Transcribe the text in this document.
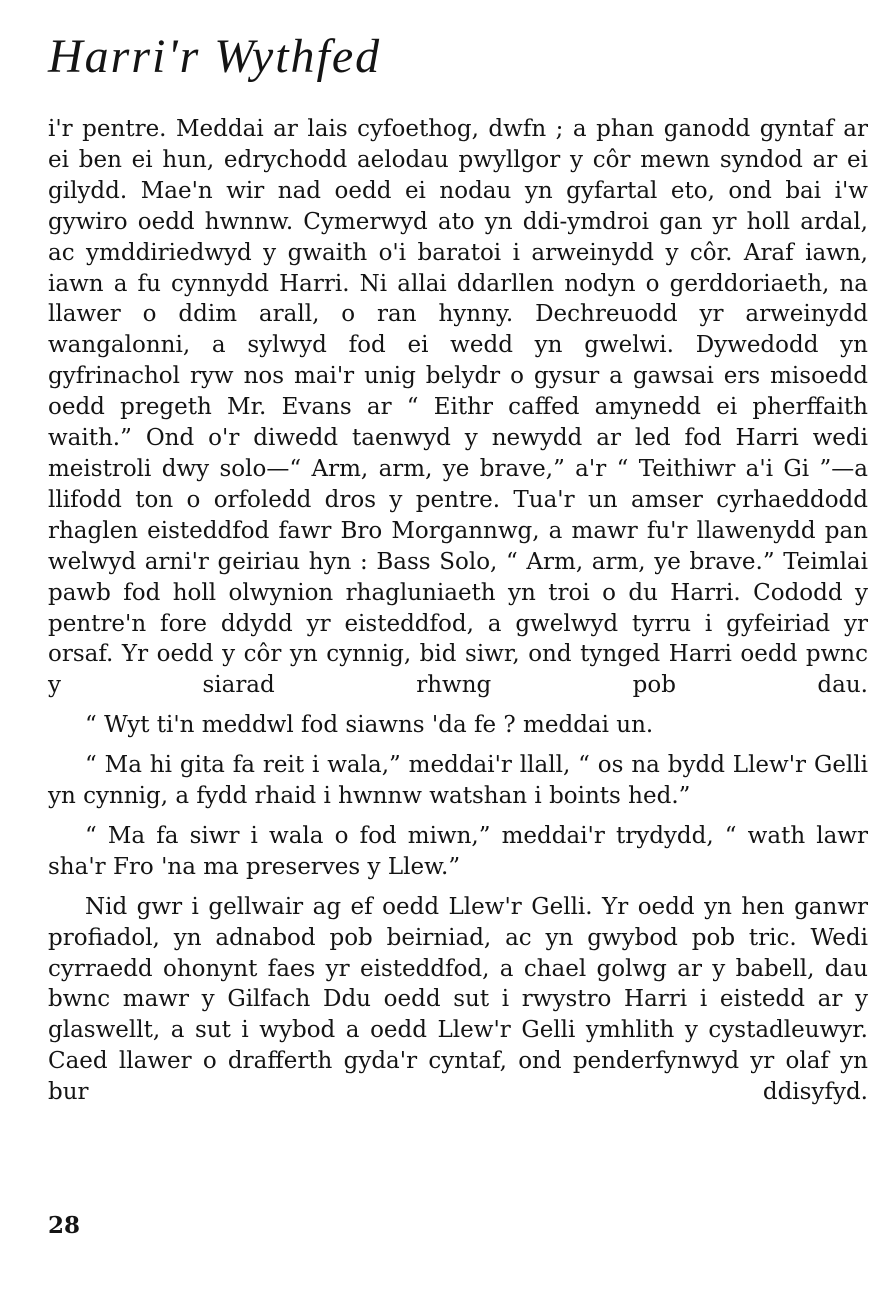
Harri'r Wythfed

i'r pentre. Meddai ar lais cyfoethog, dwfn ; a phan ganodd gyntaf ar ei ben ei hun, edrychodd aelodau pwyllgor y côr mewn syndod ar ei gilydd. Mae'n wir nad oedd ei nodau yn gyfartal eto, ond bai i'w gywiro oedd hwnnw. Cymerwyd ato yn ddi-ymdroi gan yr holl ardal, ac ymddiriedwyd y gwaith o'i baratoi i arweinydd y côr. Araf iawn, iawn a fu cynnydd Harri. Ni allai ddarllen nodyn o gerddoriaeth, na llawer o ddim arall, o ran hynny. Dechreuodd yr arweinydd wangalonni, a sylwyd fod ei wedd yn gwelwi. Dywedodd yn gyfrinachol ryw nos mai'r unig belydr o gysur a gawsai ers misoedd oedd pregeth Mr. Evans ar “ Eithr caffed amynedd ei pherffaith waith.” Ond o'r diwedd taenwyd y newydd ar led fod Harri wedi meistroli dwy solo—“ Arm, arm, ye brave,” a'r “ Teithiwr a'i Gi ”—a llifodd ton o orfoledd dros y pentre. Tua'r un amser cyrhaeddodd rhaglen eisteddfod fawr Bro Morgannwg, a mawr fu'r llawenydd pan welwyd arni'r geiriau hyn : Bass Solo, “ Arm, arm, ye brave.” Teimlai pawb fod holl olwynion rhagluniaeth yn troi o du Harri. Cododd y pentre'n fore ddydd yr eisteddfod, a gwelwyd tyrru i gyfeiriad yr orsaf. Yr oedd y côr yn cynnig, bid siwr, ond tynged Harri oedd pwnc y siarad rhwng pob dau.

“ Wyt ti'n meddwl fod siawns 'da fe ? meddai un.

“ Ma hi gita fa reit i wala,” meddai'r llall, “ os na bydd Llew'r Gelli yn cynnig, a fydd rhaid i hwnnw watshan i boints hed.”

“ Ma fa siwr i wala o fod miwn,” meddai'r trydydd, “ wath lawr sha'r Fro 'na ma preserves y Llew.”

Nid gwr i gellwair ag ef oedd Llew'r Gelli. Yr oedd yn hen ganwr profiadol, yn adnabod pob beirniad, ac yn gwybod pob tric. Wedi cyrraedd ohonynt faes yr eisteddfod, a chael golwg ar y babell, dau bwnc mawr y Gilfach Ddu oedd sut i rwystro Harri i eistedd ar y glaswellt, a sut i wybod a oedd Llew'r Gelli ymhlith y cystadleuwyr. Caed llawer o drafferth gyda'r cyntaf, ond penderfynwyd yr olaf yn bur ddisyfyd.

28
